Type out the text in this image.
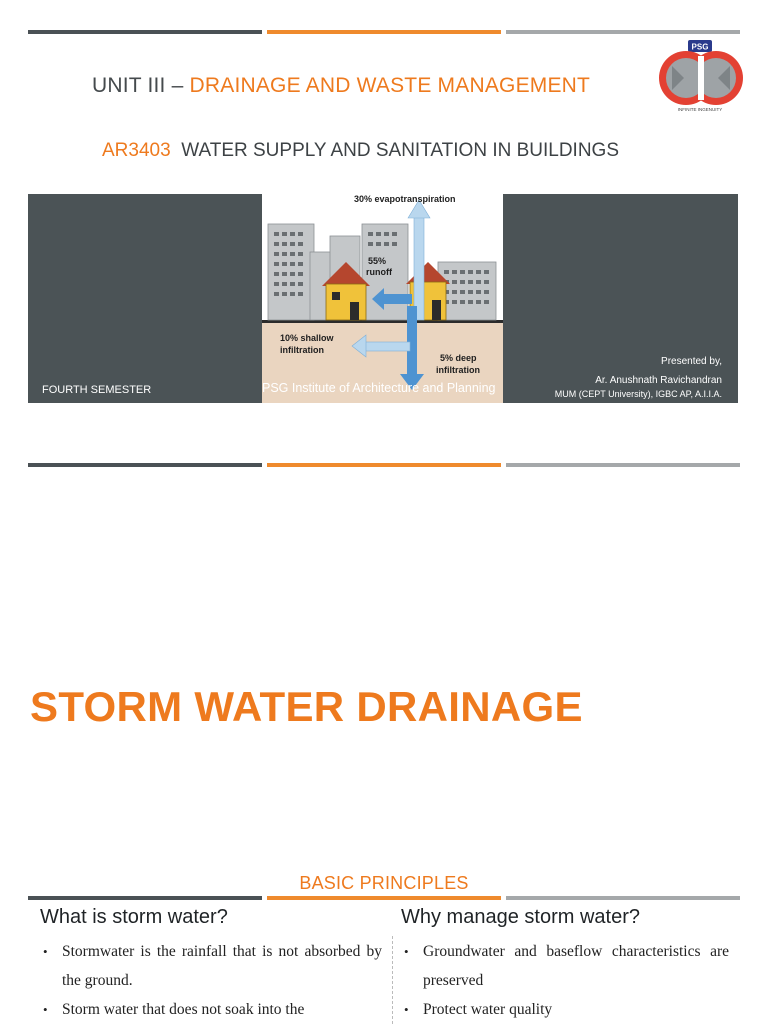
UNIT III – DRAINAGE AND WASTE MANAGEMENT
PSG
INFINITE INGENUITY
AR3403 WATER SUPPLY AND SANITATION IN BUILDINGS
30% evapotranspiration
55%
runoff
10% shallow
infiltration
5% deep
infiltration
FOURTH SEMESTER	PSG Institute of Architecture and Planning
Presented by,
Ar. Anushnath Ravichandran
MUM (CEPT University), IGBC AP, A.I.I.A.
STORM WATER DRAINAGE
BASIC PRINCIPLES
What is storm water?
• Stormwater is the rainfall that is not absorbed by the ground.
• Storm water that does not soak into the
Why manage storm water?
• Groundwater and baseflow characteristics are preserved
• Protect water quality
